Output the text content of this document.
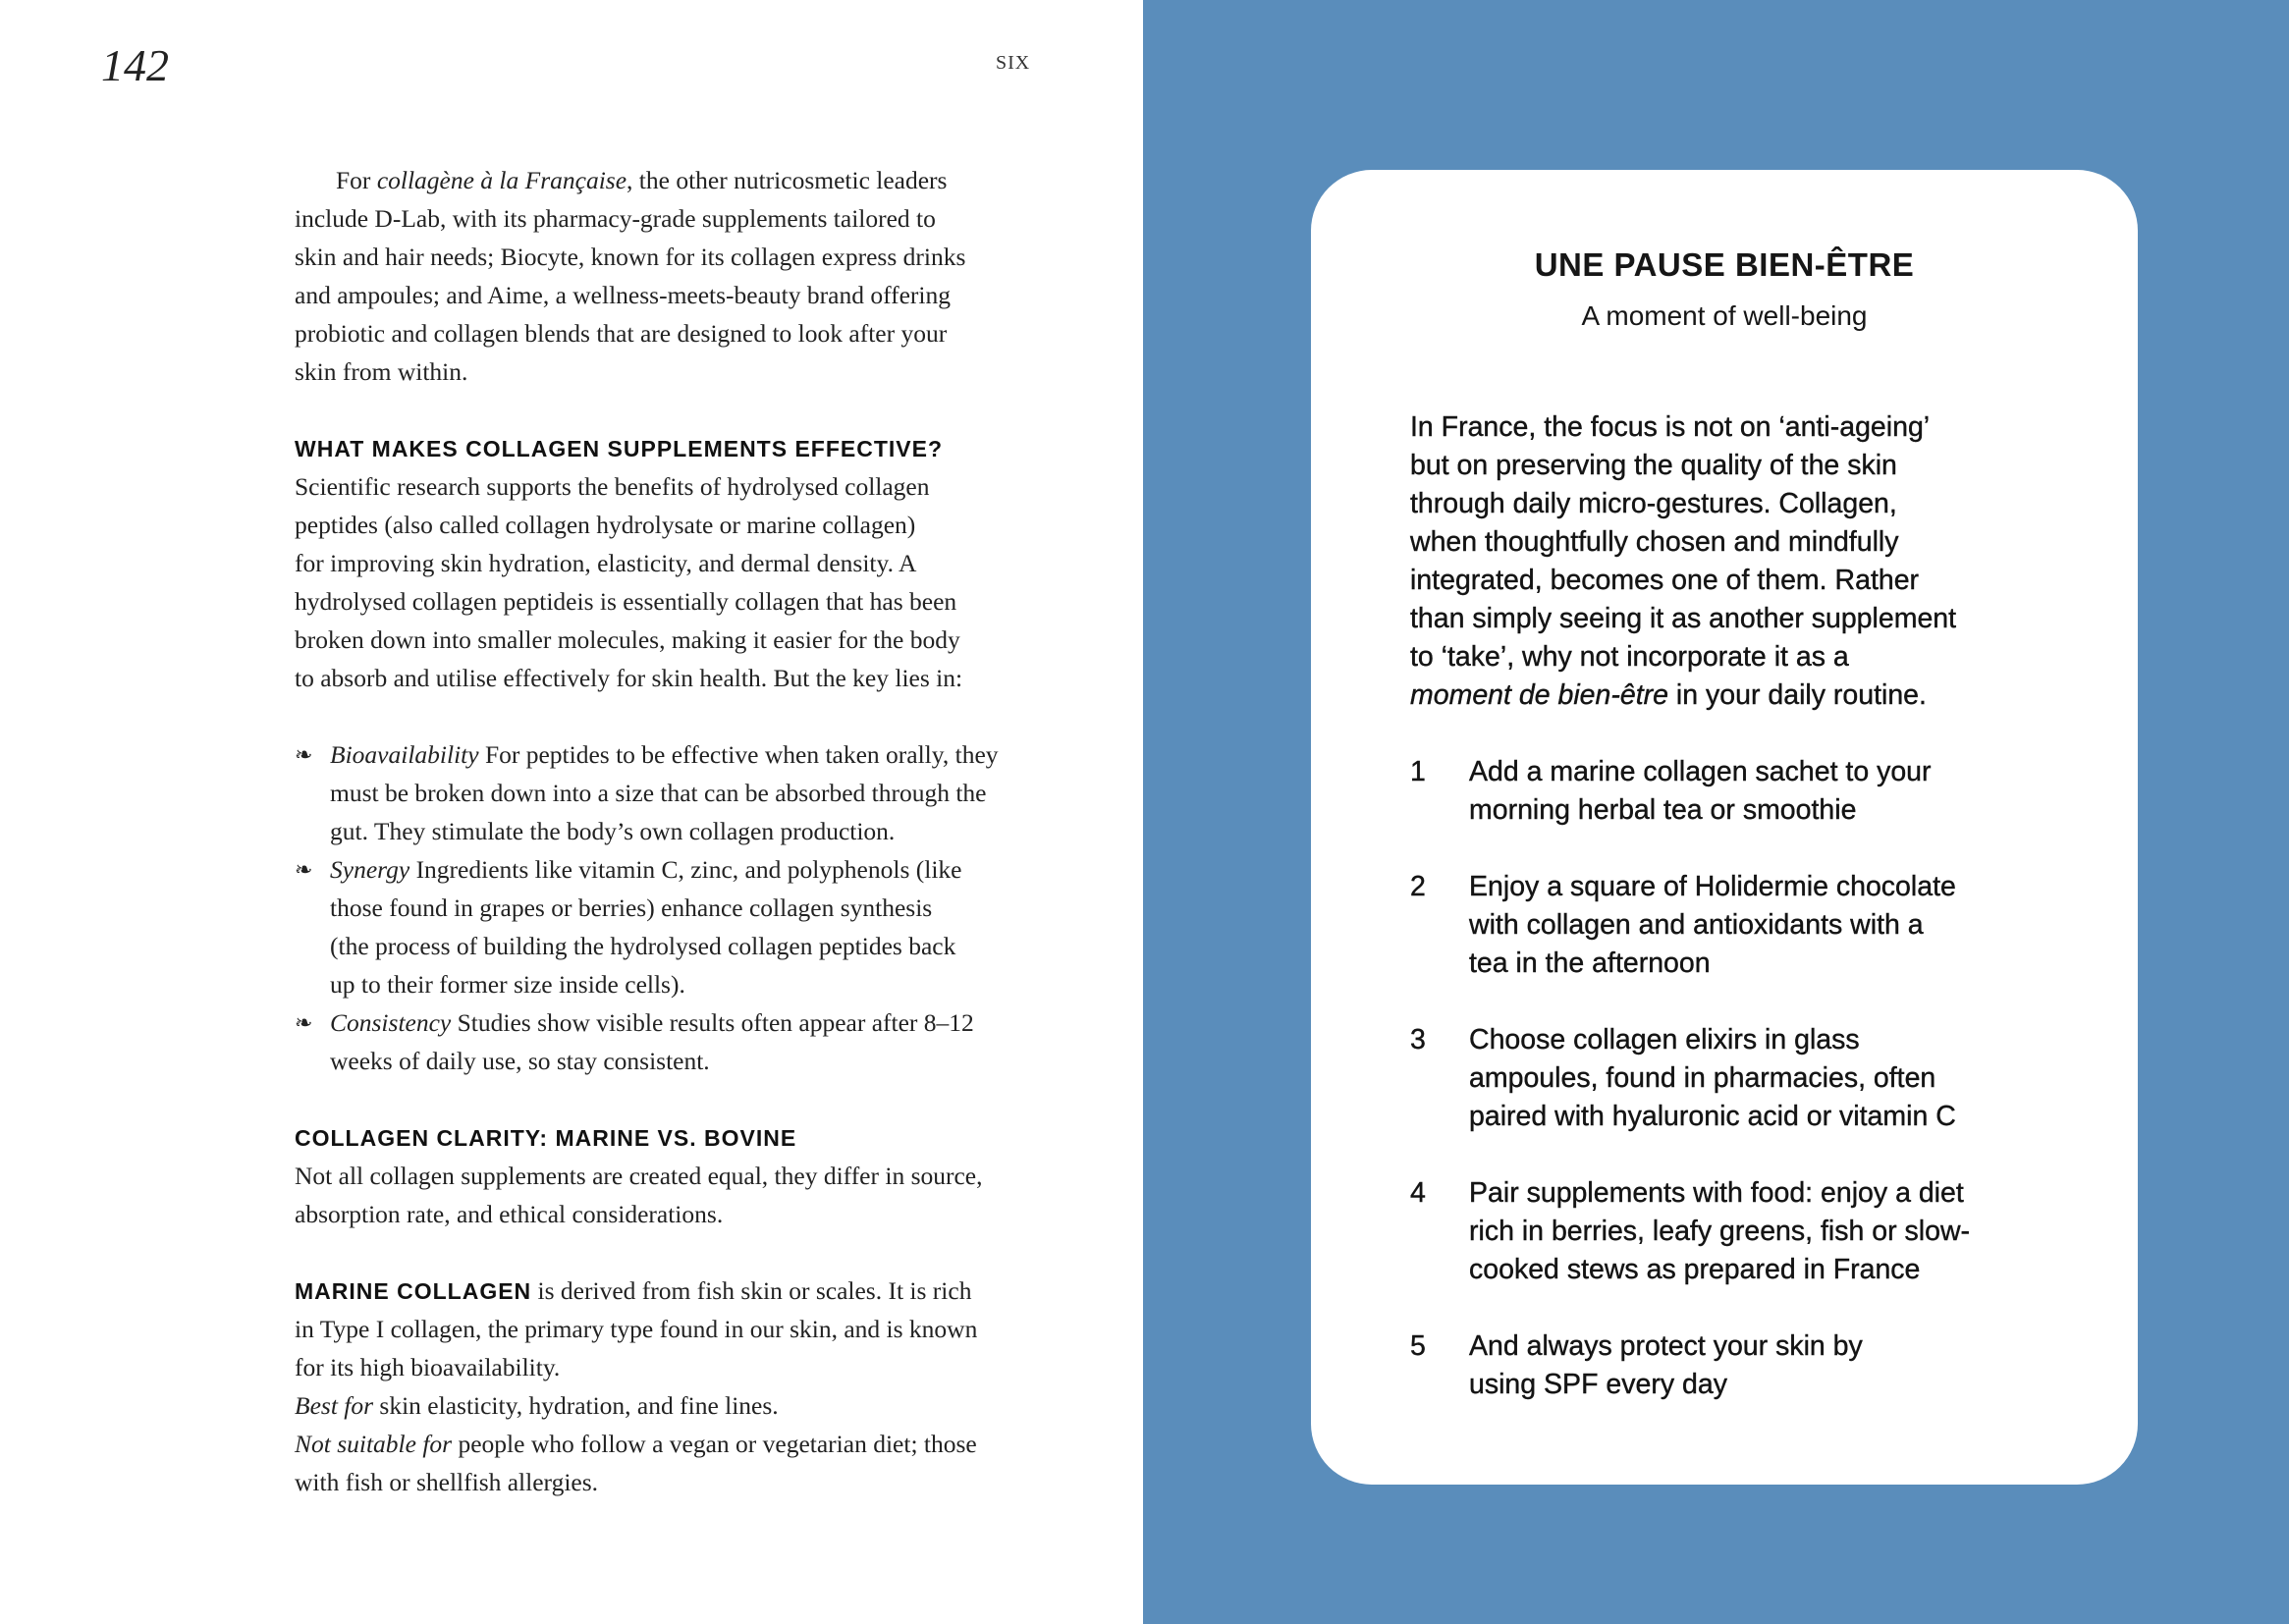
142	SIX
For collagène à la Française, the other nutricosmetic leaders
include D-Lab, with its pharmacy-grade supplements tailored to
skin and hair needs; Biocyte, known for its collagen express drinks
and ampoules; and Aime, a wellness-meets-beauty brand offering
probiotic and collagen blends that are designed to look after your
skin from within.

WHAT MAKES COLLAGEN SUPPLEMENTS EFFECTIVE?
Scientific research supports the benefits of hydrolysed collagen
peptides (also called collagen hydrolysate or marine collagen)
for improving skin hydration, elasticity, and dermal density. A
hydrolysed collagen peptideis is essentially collagen that has been
broken down into smaller molecules, making it easier for the body
to absorb and utilise effectively for skin health. But the key lies in:

❧ Bioavailability For peptides to be effective when taken orally, they
must be broken down into a size that can be absorbed through the
gut. They stimulate the body’s own collagen production.
❧ Synergy Ingredients like vitamin C, zinc, and polyphenols (like
those found in grapes or berries) enhance collagen synthesis
(the process of building the hydrolysed collagen peptides back
up to their former size inside cells).
❧ Consistency Studies show visible results often appear after 8–12
weeks of daily use, so stay consistent.

COLLAGEN CLARITY: MARINE VS. BOVINE
Not all collagen supplements are created equal, they differ in source,
absorption rate, and ethical considerations.

MARINE COLLAGEN is derived from fish skin or scales. It is rich
in Type I collagen, the primary type found in our skin, and is known
for its high bioavailability.
Best for skin elasticity, hydration, and fine lines.
Not suitable for people who follow a vegan or vegetarian diet; those
with fish or shellfish allergies.
UNE PAUSE BIEN-ÊTRE
A moment of well-being
In France, the focus is not on ‘anti-ageing’
but on preserving the quality of the skin
through daily micro-gestures. Collagen,
when thoughtfully chosen and mindfully
integrated, becomes one of them. Rather
than simply seeing it as another supplement
to ‘take’, why not incorporate it as a
moment de bien-être in your daily routine.

1 Add a marine collagen sachet to your
morning herbal tea or smoothie

2 Enjoy a square of Holidermie chocolate
with collagen and antioxidants with a
tea in the afternoon

3 Choose collagen elixirs in glass
ampoules, found in pharmacies, often
paired with hyaluronic acid or vitamin C

4 Pair supplements with food: enjoy a diet
rich in berries, leafy greens, fish or slow-
cooked stews as prepared in France

5 And always protect your skin by
using SPF every day
